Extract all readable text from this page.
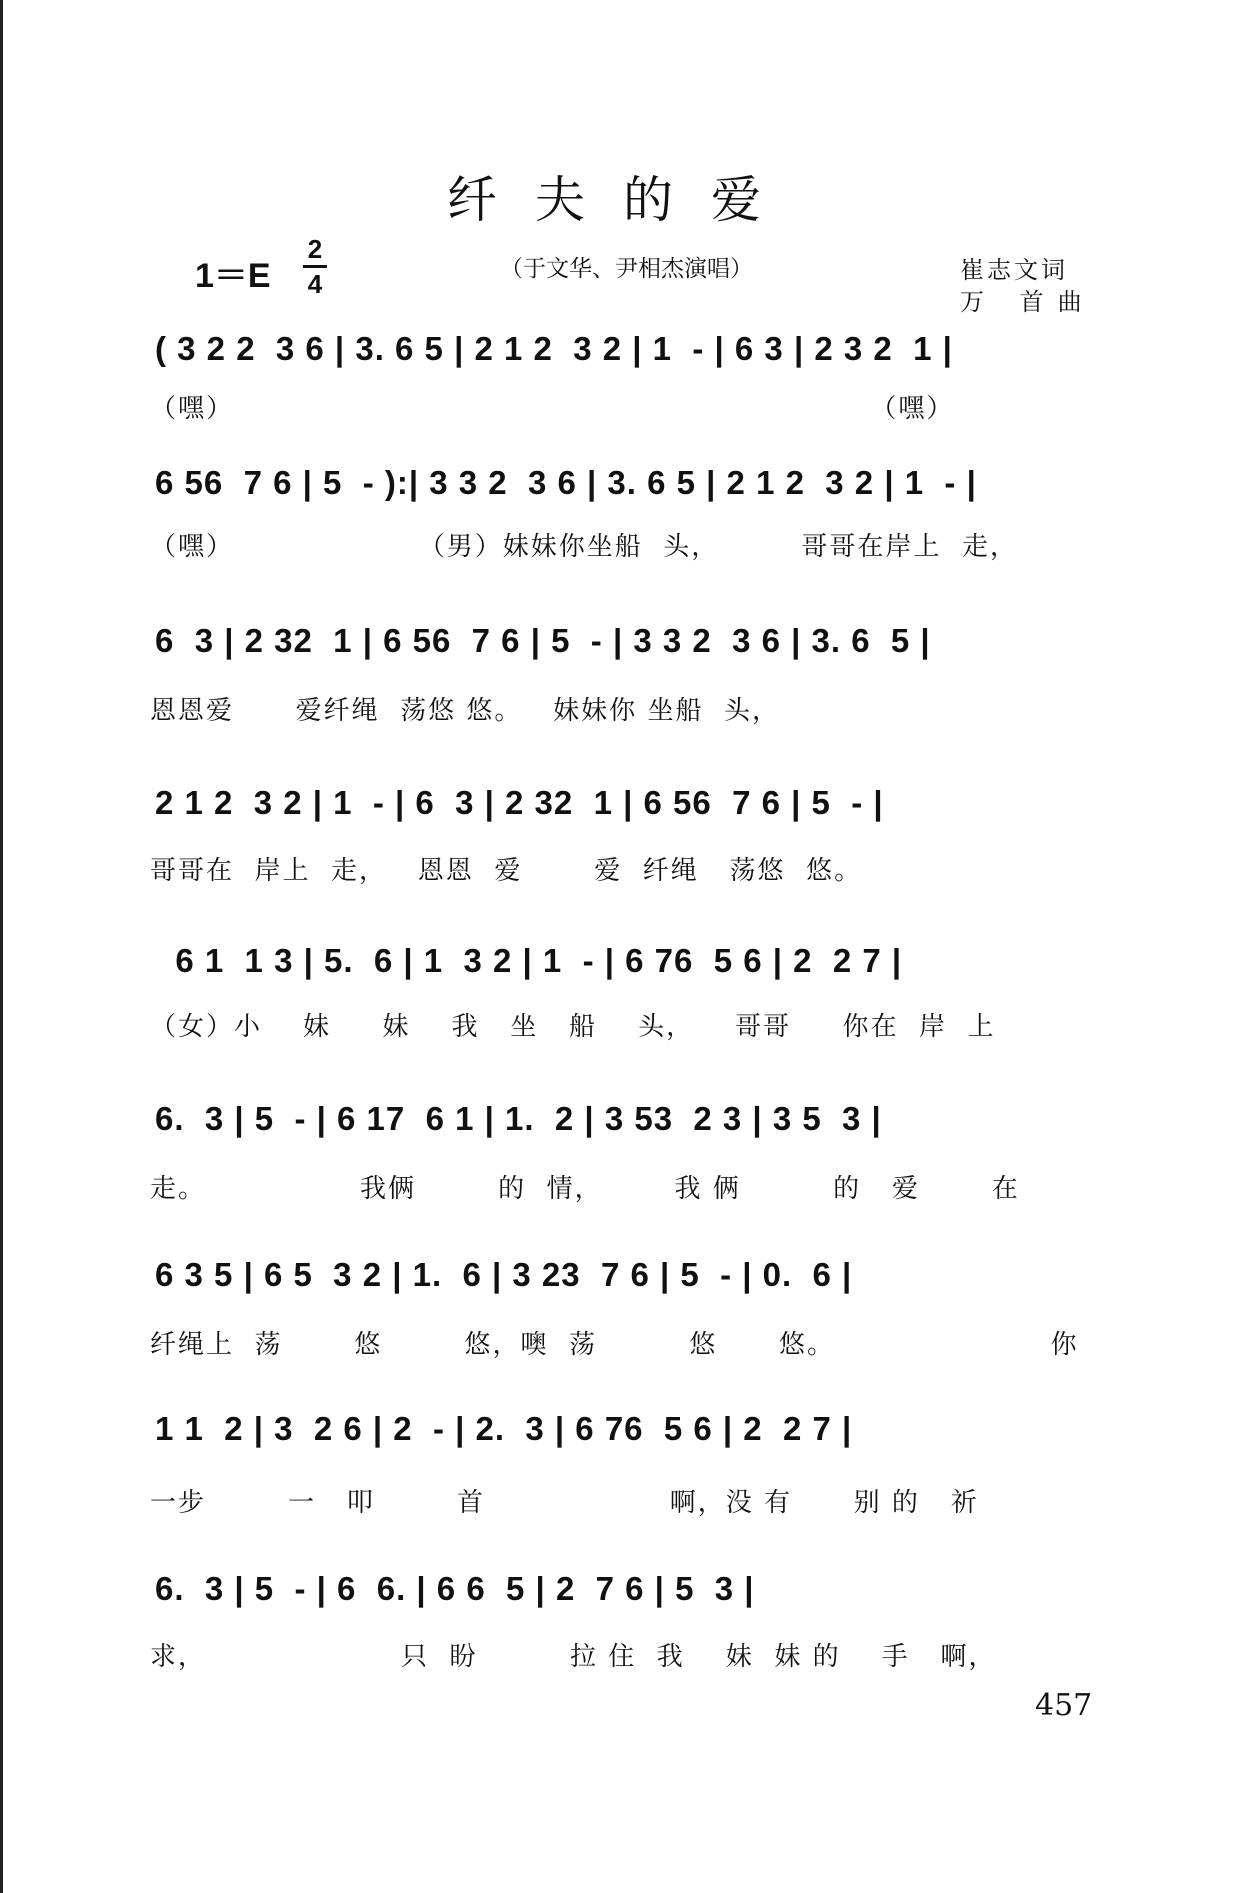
纤夫的爱
$1=E \frac{2}{4}$	（于文华、尹相杰演唱）	崔志文词
万 首曲
( 3 2 2  3 6 | 3. 6 5 | 2 1 2  3 2 | 1  - | 6 3 | 2 3 2  1 |
（嘿）                                                              （嘿）
6 56  7 6 | 5  - ):| 3 3 2  3 6 | 3. 6 5 | 2 1 2  3 2 | 1  - |
（嘿）                  （男）妹妹你坐船  头，        哥哥在岸上  走，
6  3 | 2 32  1 | 6 56  7 6 | 5  - | 3 3 2  3 6 | 3. 6  5 |
恩恩爱      爱纤绳  荡悠 悠。   妹妹你 坐船  头，
2 1 2  3 2 | 1  - | 6  3 | 2 32  1 | 6 56  7 6 | 5  - |
哥哥在  岸上  走，   恩恩  爱       爱  纤绳   荡悠  悠。
6 1  1 3 | 5.  6 | 1  3 2 | 1  - | 6 76  5 6 | 2  2 7 |
（女）小    妹     妹    我   坐   船    头，    哥哥     你在  岸  上
6.  3 | 5  - | 6 17  6 1 | 1.  2 | 3 53  2 3 | 3 5  3 |
走。               我俩        的  情，       我 俩         的   爱       在
6 3 5 | 6 5  3 2 | 1.  6 | 3 23  7 6 | 5  - | 0.  6 |
纤绳上  荡       悠        悠，噢  荡         悠      悠。                     你
1 1  2 | 3  2 6 | 2  - | 2.  3 | 6 76  5 6 | 2  2 7 |
一步        一   叩        首                  啊，没 有      别 的   祈
6.  3 | 5  - | 6  6. | 6 6  5 | 2  7 6 | 5  3 |
求，                   只  盼         拉 住  我    妹  妹 的    手   啊，
457
